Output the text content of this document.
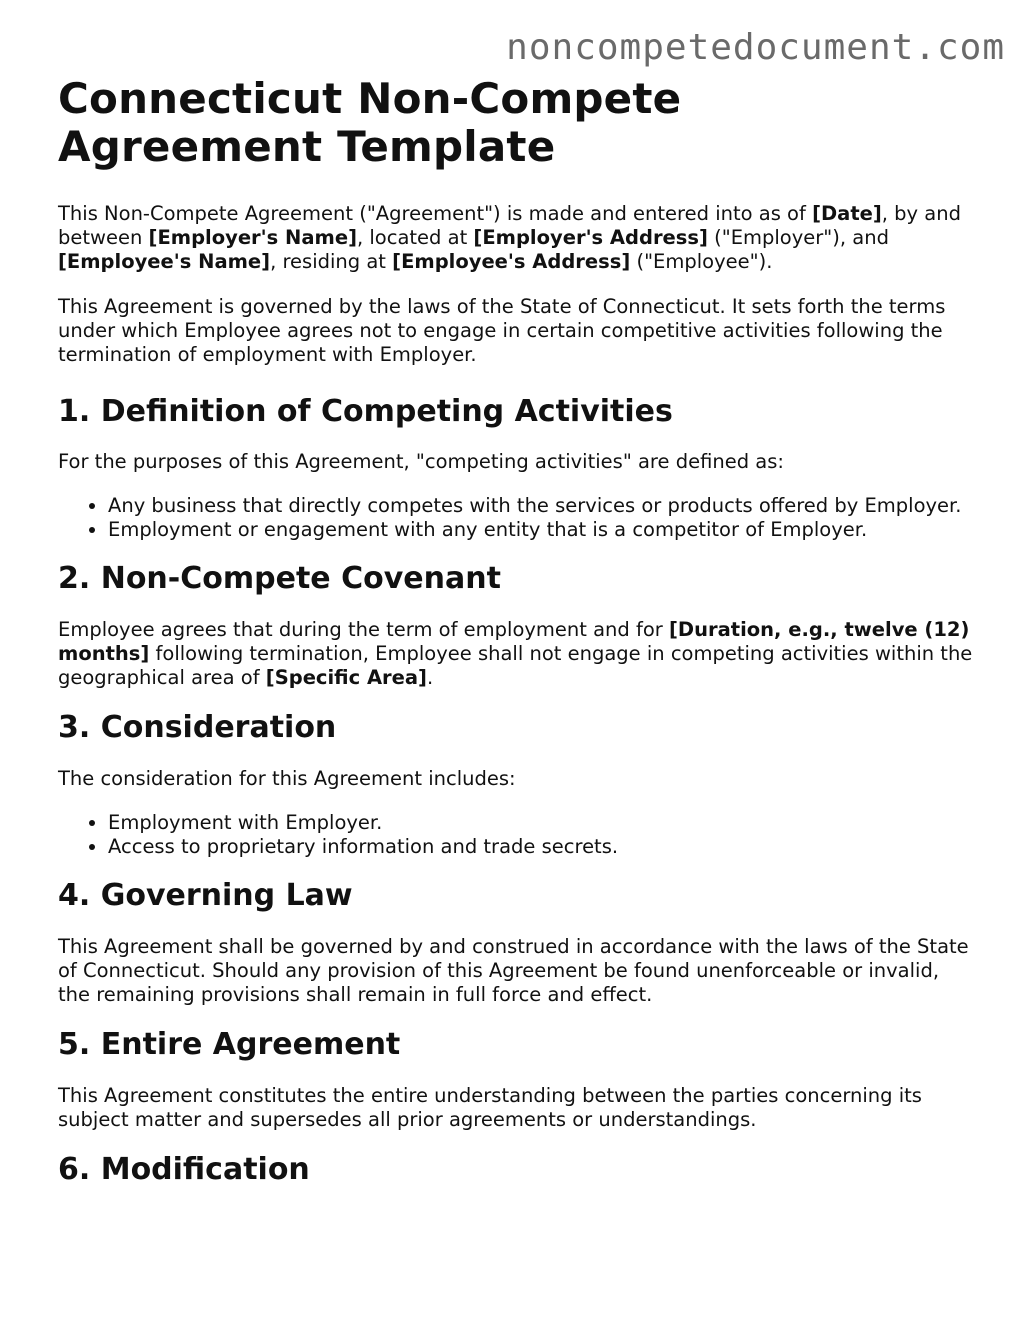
noncompetedocument.com
Connecticut Non-Compete Agreement Template

This Non-Compete Agreement ("Agreement") is made and entered into as of [Date], by and between [Employer's Name], located at [Employer's Address] ("Employer"), and [Employee's Name], residing at [Employee's Address] ("Employee").

This Agreement is governed by the laws of the State of Connecticut. It sets forth the terms under which Employee agrees not to engage in certain competitive activities following the termination of employment with Employer.

1. Definition of Competing Activities

For the purposes of this Agreement, "competing activities" are defined as:

• Any business that directly competes with the services or products offered by Employer.
• Employment or engagement with any entity that is a competitor of Employer.
2. Non-Compete Covenant

Employee agrees that during the term of employment and for [Duration, e.g., twelve (12) months] following termination, Employee shall not engage in competing activities within the geographical area of [Specific Area].

3. Consideration

The consideration for this Agreement includes:

• Employment with Employer.
• Access to proprietary information and trade secrets.
4. Governing Law

This Agreement shall be governed by and construed in accordance with the laws of the State of Connecticut. Should any provision of this Agreement be found unenforceable or invalid, the remaining provisions shall remain in full force and effect.

5. Entire Agreement

This Agreement constitutes the entire understanding between the parties concerning its subject matter and supersedes all prior agreements or understandings.

6. Modification
